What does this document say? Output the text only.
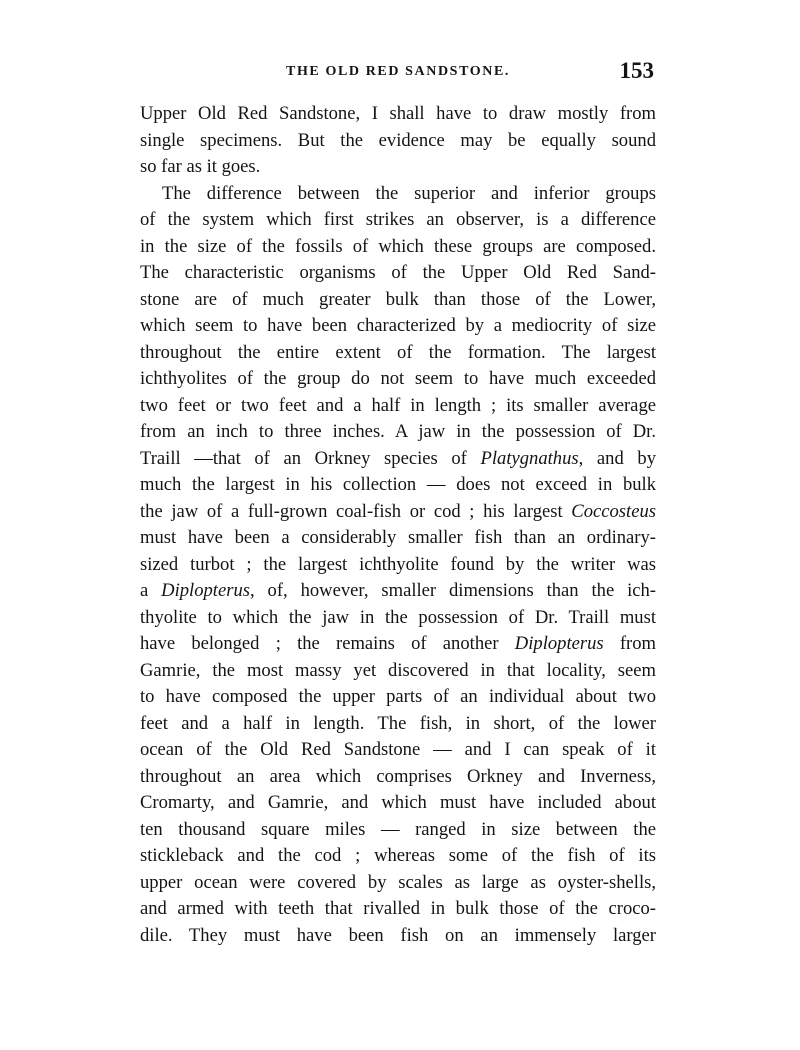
THE OLD RED SANDSTONE.	153
Upper Old Red Sandstone, I shall have to draw mostly from
single specimens. But the evidence may be equally sound
so far as it goes.
The difference between the superior and inferior groups
of the system which first strikes an observer, is a difference
in the size of the fossils of which these groups are composed.
The characteristic organisms of the Upper Old Red Sand-
stone are of much greater bulk than those of the Lower,
which seem to have been characterized by a mediocrity of size
throughout the entire extent of the formation. The largest
ichthyolites of the group do not seem to have much exceeded
two feet or two feet and a half in length ; its smaller average
from an inch to three inches. A jaw in the possession of Dr.
Traill —that of an Orkney species of Platygnathus, and by
much the largest in his collection — does not exceed in bulk
the jaw of a full-grown coal-fish or cod ; his largest Coccosteus
must have been a considerably smaller fish than an ordinary-
sized turbot ; the largest ichthyolite found by the writer was
a Diplopterus, of, however, smaller dimensions than the ich-
thyolite to which the jaw in the possession of Dr. Traill must
have belonged ; the remains of another Diplopterus from
Gamrie, the most massy yet discovered in that locality, seem
to have composed the upper parts of an individual about two
feet and a half in length. The fish, in short, of the lower
ocean of the Old Red Sandstone — and I can speak of it
throughout an area which comprises Orkney and Inverness,
Cromarty, and Gamrie, and which must have included about
ten thousand square miles — ranged in size between the
stickleback and the cod ; whereas some of the fish of its
upper ocean were covered by scales as large as oyster-shells,
and armed with teeth that rivalled in bulk those of the croco-
dile. They must have been fish on an immensely larger
